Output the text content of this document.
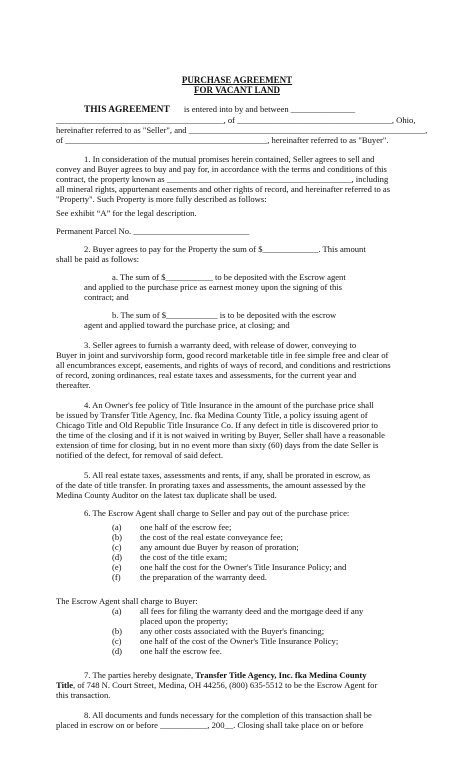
PURCHASE AGREEMENT
FOR VACANT LAND
THIS AGREEMENT is entered into by and between _______________
_______________________________________, of ____________________________________, Ohio,
hereinafter referred to as "Seller", and _______________________________________________________,
of _______________________________________________, hereinafter referred to as "Buyer".
1. In consideration of the mutual promises herein contained, Seller agrees to sell and
convey and Buyer agrees to buy and pay for, in accordance with the terms and conditions of this
contract, the property known as ___________________________________________, including
all mineral rights, appurtenant easements and other rights of record, and hereinafter referred to as
"Property". Such Property is more fully described as follows:
See exhibit “A” for the legal description.
Permanent Parcel No. ___________________________
2. Buyer agrees to pay for the Property the sum of $_____________. This amount
shall be paid as follows:
a. The sum of $___________ to be deposited with the Escrow agent
and applied to the purchase price as earnest money upon the signing of this
contract; and
b. The sum of $____________ is to be deposited with the escrow
agent and applied toward the purchase price, at closing; and
3. Seller agrees to furnish a warranty deed, with release of dower, conveying to
Buyer in joint and survivorship form, good record marketable title in fee simple free and clear of
all encumbrances except, easements, and rights of ways of record, and conditions and restrictions
of record, zoning ordinances, real estate taxes and assessments, for the current year and
thereafter.
4. An Owner's fee policy of Title Insurance in the amount of the purchase price shall
be issued by Transfer Title Agency, Inc. fka Medina County Title, a policy issuing agent of
Chicago Title and Old Republic Title Insurance Co. If any defect in title is discovered prior to
the time of the closing and if it is not waived in writing by Buyer, Seller shall have a reasonable
extension of time for closing, but in no event more than sixty (60) days from the date Seller is
notified of the defect, for removal of said defect.
5. All real estate taxes, assessments and rents, if any, shall be prorated in escrow, as
of the date of title transfer. In prorating taxes and assessments, the amount assessed by the
Medina County Auditor on the latest tax duplicate shall be used.
6. The Escrow Agent shall charge to Seller and pay out of the purchase price:
(a) one half of the escrow fee;
(b) the cost of the real estate conveyance fee;
(c) any amount due Buyer by reason of proration;
(d) the cost of the title exam;
(e) one half the cost for the Owner's Title Insurance Policy; and
(f) the preparation of the warranty deed.
The Escrow Agent shall charge to Buyer:
(a) all fees for filing the warranty deed and the mortgage deed if any
placed upon the property;
(b) any other costs associated with the Buyer's financing;
(c) one half of the cost of the Owner's Title Insurance Policy;
(d) one half the escrow fee.
7. The parties hereby designate, Transfer Title Agency, Inc. fka Medina County
Title, of 748 N. Court Street, Medina, OH 44256, (800) 635-5512 to be the Escrow Agent for
this transaction.
8. All documents and funds necessary for the completion of this transaction shall be
placed in escrow on or before ___________, 200__. Closing shall take place on or before
